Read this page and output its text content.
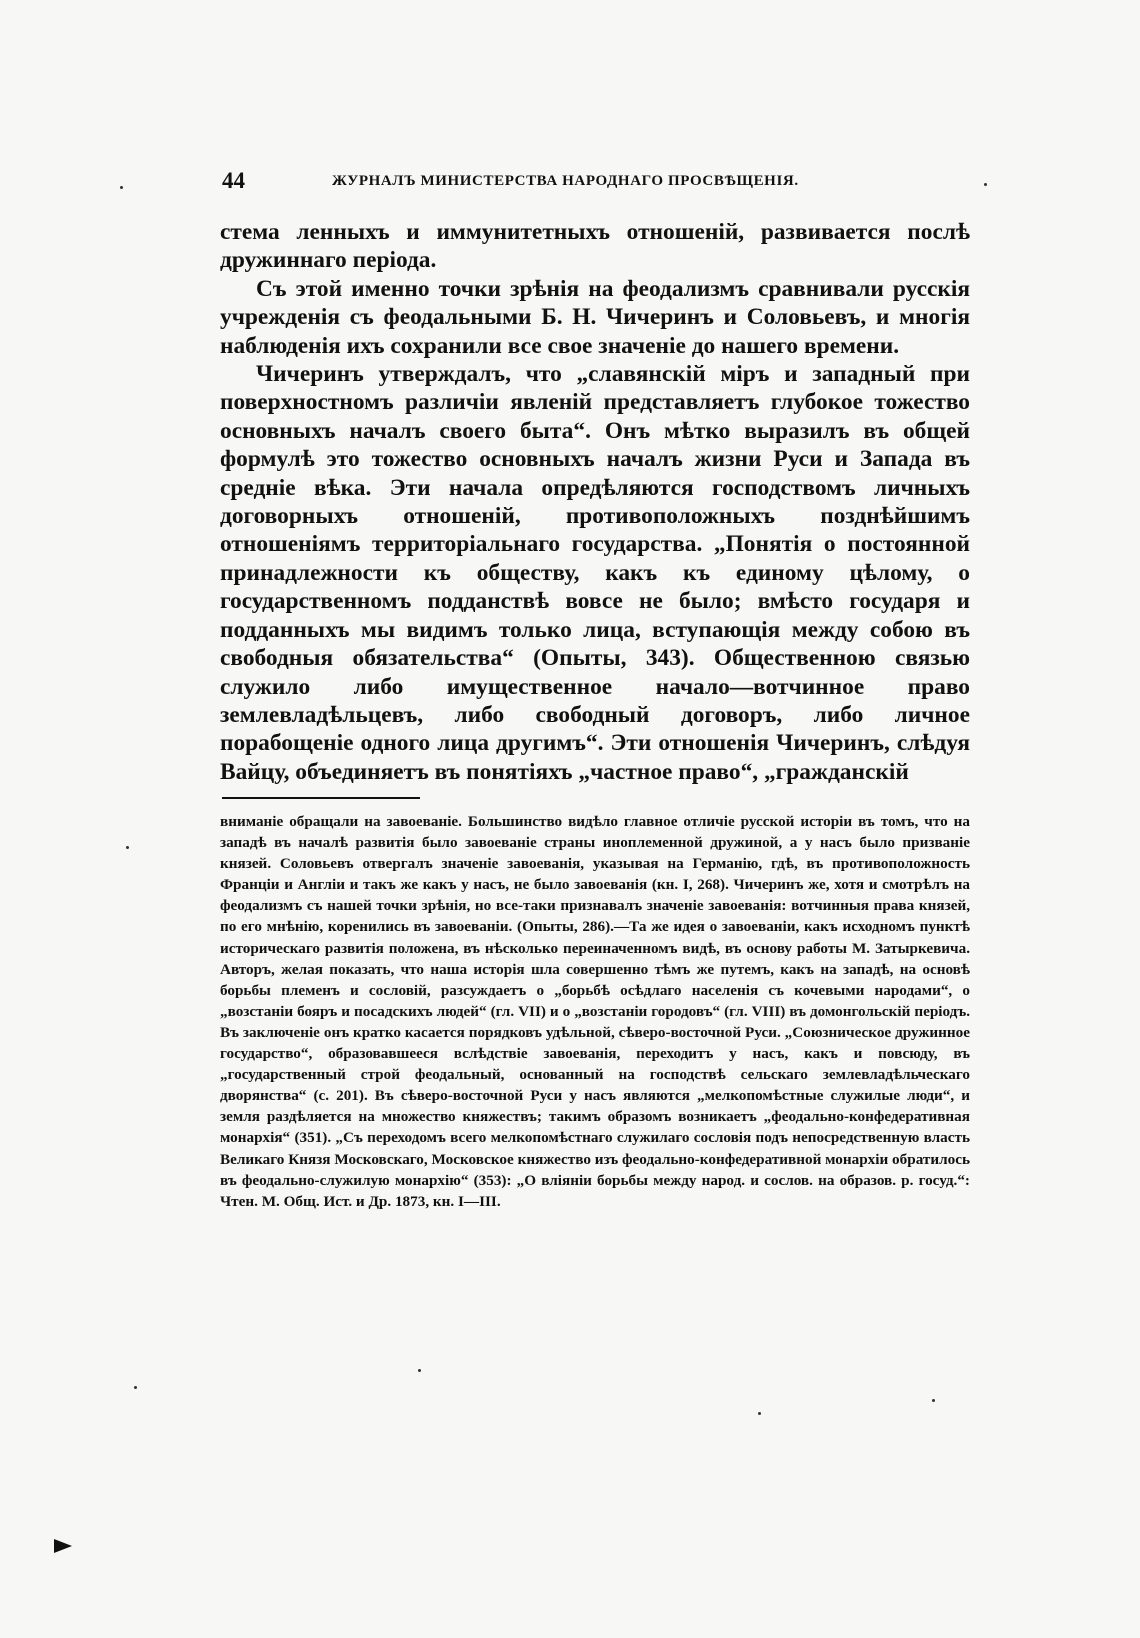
44	ЖУРНАЛЪ МИНИСТЕРСТВА НАРОДНАГО ПРОСВѢЩЕНІЯ.

стема ленныхъ и иммунитетныхъ отношеній, развивается послѣ дружиннаго періода.

Съ этой именно точки зрѣнія на феодализмъ сравнивали русскія учрежденія съ феодальными Б. Н. Чичеринъ и Соловьевъ, и многія наблюденія ихъ сохранили все свое значеніе до нашего времени.

Чичеринъ утверждалъ, что „славянскій міръ и западный при поверхностномъ различіи явленій представляетъ глубокое тожество основныхъ началъ своего быта“. Онъ мѣтко выразилъ въ общей формулѣ это тожество основныхъ началъ жизни Руси и Запада въ средніе вѣка. Эти начала опредѣляются господствомъ личныхъ договорныхъ отношеній, противоположныхъ позднѣйшимъ отношеніямъ территоріальнаго государства. „Понятія о постоянной принадлежности къ обществу, какъ къ единому цѣлому, о государственномъ подданствѣ вовсе не было; вмѣсто государя и подданныхъ мы видимъ только лица, вступающія между собою въ свободныя обязательства“ (Опыты, 343). Общественною связью служило либо имущественное начало—вотчинное право землевладѣльцевъ, либо свободный договоръ, либо личное порабощеніе одного лица другимъ“. Эти отношенія Чичеринъ, слѣдуя Вайцу, объединяетъ въ понятіяхъ „частное право“, „гражданскій

вниманіе обращали на завоеваніе. Большинство видѣло главное отличіе русской исторіи въ томъ, что на западѣ въ началѣ развитія было завоеваніе страны иноплеменной дружиной, а у насъ было призваніе князей. Соловьевъ отвергалъ значеніе завоеванія, указывая на Германію, гдѣ, въ противоположность Франціи и Англіи и такъ же какъ у насъ, не было завоеванія (кн. I, 268). Чичеринъ же, хотя и смотрѣлъ на феодализмъ съ нашей точки зрѣнія, но все-таки признавалъ значеніе завоеванія: вотчинныя права князей, по его мнѣнію, коренились въ завоеваніи. (Опыты, 286).—Та же идея о завоеваніи, какъ исходномъ пунктѣ историческаго развитія положена, въ нѣсколько переиначенномъ видѣ, въ основу работы М. Затыркевича. Авторъ, желая показать, что наша исторія шла совершенно тѣмъ же путемъ, какъ на западѣ, на основѣ борьбы племенъ и сословій, разсуждаетъ о „борьбѣ осѣдлаго населенія съ кочевыми народами“, о „возстаніи бояръ и посадскихъ людей“ (гл. VII) и о „возстаніи городовъ“ (гл. VIII) въ домонгольскій періодъ. Въ заключеніе онъ кратко касается порядковъ удѣльной, сѣверо-восточной Руси. „Союзническое дружинное государство“, образовавшееся вслѣдствіе завоеванія, переходитъ у насъ, какъ и повсюду, въ „государственный строй феодальный, основанный на господствѣ сельскаго землевладѣльческаго дворянства“ (с. 201). Въ сѣверо-восточной Руси у насъ являются „мелкопомѣстные служилые люди“, и земля раздѣляется на множество княжествъ; такимъ образомъ возникаетъ „феодально-конфедеративная монархія“ (351). „Съ переходомъ всего мелкопомѣстнаго служилаго сословія подъ непосредственную власть Великаго Князя Московскаго, Московское княжество изъ феодально-конфедеративной монархіи обратилось въ феодально-служилую монархію“ (353): „О вліяніи борьбы между народ. и сослов. на образов. р. госуд.“: Чтен. М. Общ. Ист. и Др. 1873, кн. I—III.
